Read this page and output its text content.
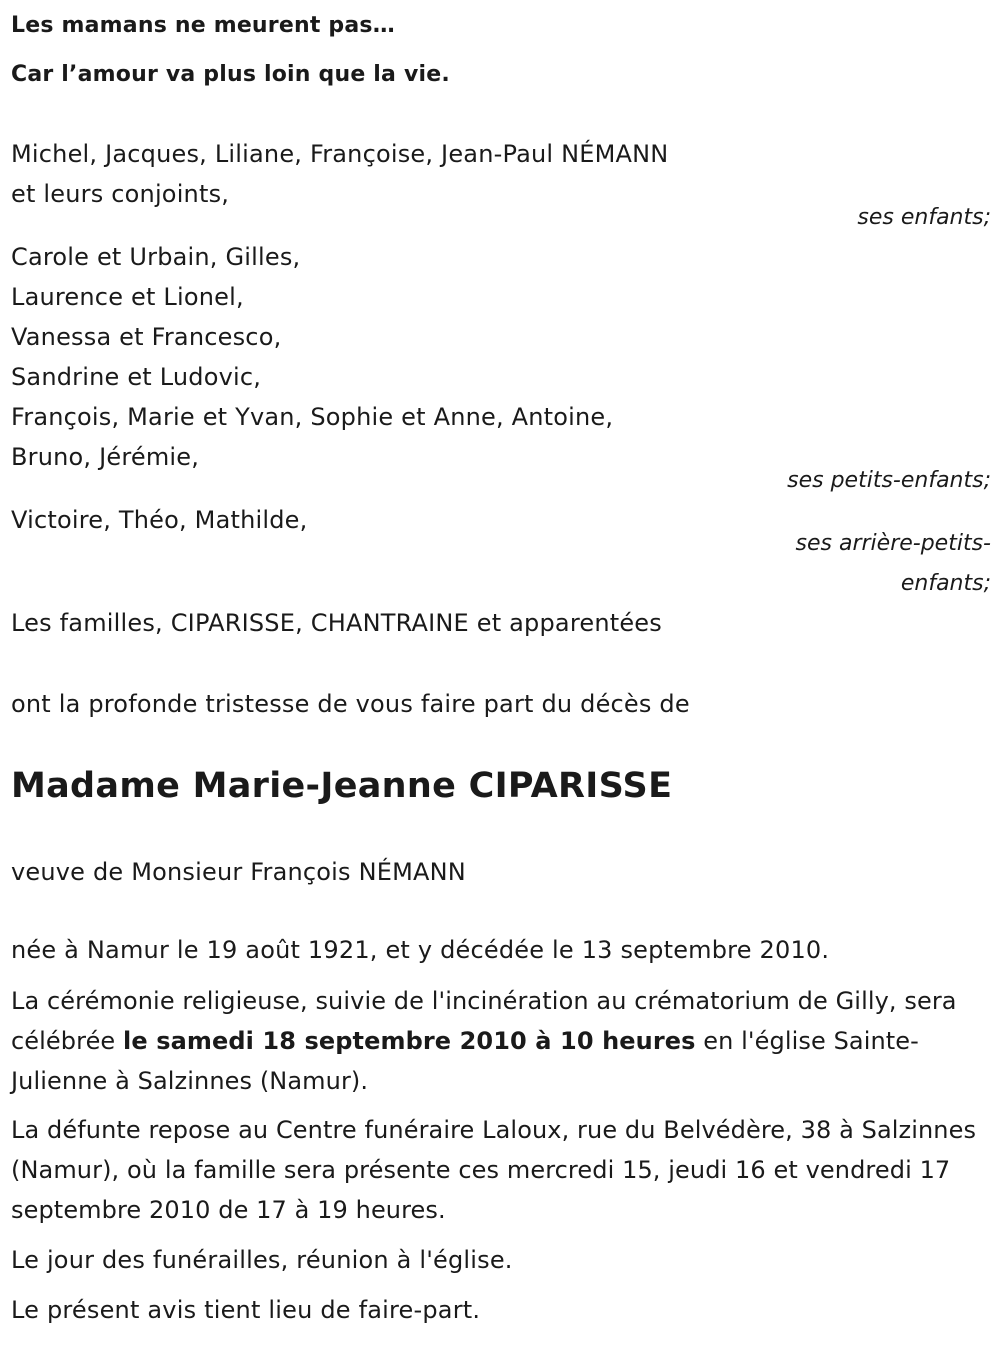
Les mamans ne meurent pas…
Car l’amour va plus loin que la vie.
Michel, Jacques, Liliane, Françoise, Jean-Paul NÉMANN
et leurs conjoints,
ses enfants;
Carole et Urbain, Gilles,
Laurence et Lionel,
Vanessa et Francesco,
Sandrine et Ludovic,
François, Marie et Yvan, Sophie et Anne, Antoine,
Bruno, Jérémie,
ses petits-enfants;
Victoire, Théo, Mathilde,
ses arrière-petits-
enfants;
Les familles, CIPARISSE, CHANTRAINE et apparentées
ont la profonde tristesse de vous faire part du décès de
Madame Marie-Jeanne CIPARISSE
veuve de Monsieur François NÉMANN
née à Namur le 19 août 1921, et y décédée le 13 septembre 2010.
La cérémonie religieuse, suivie de l'incinération au crématorium de Gilly, sera célébrée le samedi 18 septembre 2010 à 10 heures en l'église Sainte-Julienne à Salzinnes (Namur).
La défunte repose au Centre funéraire Laloux, rue du Belvédère, 38 à Salzinnes (Namur), où la famille sera présente ces mercredi 15, jeudi 16 et vendredi 17 septembre 2010 de 17 à 19 heures.
Le jour des funérailles, réunion à l'église.
Le présent avis tient lieu de faire-part.
